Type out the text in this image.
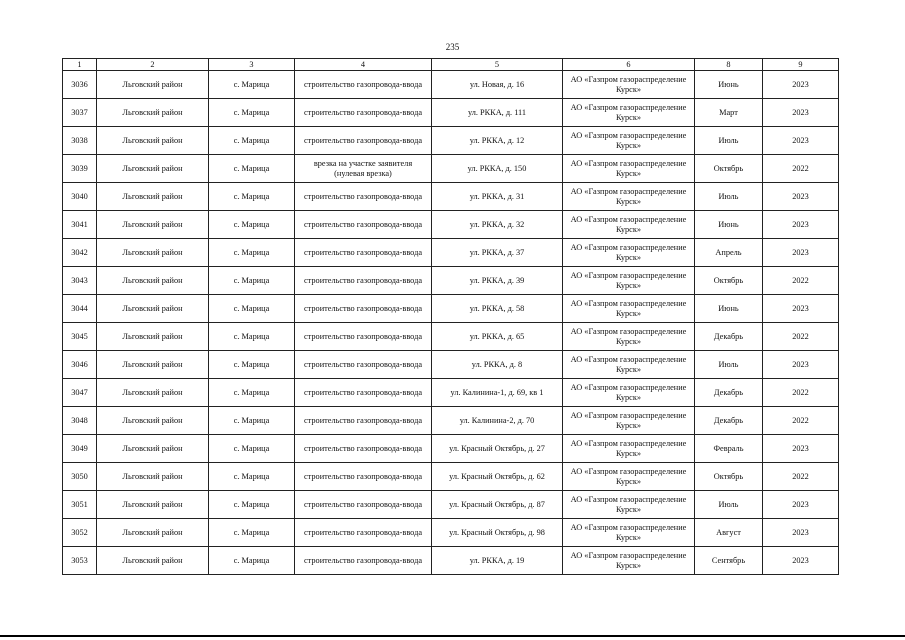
235
1	2	3	4	5	6	8	9
3036	Льговский район	с. Марица	строительство газопровода-ввода	ул. Новая, д. 16	АО «Газпром газораспределение Курск»	Июнь	2023
3037	Льговский район	с. Марица	строительство газопровода-ввода	ул. РККА, д. 111	АО «Газпром газораспределение Курск»	Март	2023
3038	Льговский район	с. Марица	строительство газопровода-ввода	ул. РККА, д. 12	АО «Газпром газораспределение Курск»	Июль	2023
3039	Льговский район	с. Марица	врезка на участке заявителя (нулевая врезка)	ул. РККА, д. 150	АО «Газпром газораспределение Курск»	Октябрь	2022
3040	Льговский район	с. Марица	строительство газопровода-ввода	ул. РККА, д. 31	АО «Газпром газораспределение Курск»	Июль	2023
3041	Льговский район	с. Марица	строительство газопровода-ввода	ул. РККА, д. 32	АО «Газпром газораспределение Курск»	Июнь	2023
3042	Льговский район	с. Марица	строительство газопровода-ввода	ул. РККА, д. 37	АО «Газпром газораспределение Курск»	Апрель	2023
3043	Льговский район	с. Марица	строительство газопровода-ввода	ул. РККА, д. 39	АО «Газпром газораспределение Курск»	Октябрь	2022
3044	Льговский район	с. Марица	строительство газопровода-ввода	ул. РККА, д. 58	АО «Газпром газораспределение Курск»	Июнь	2023
3045	Льговский район	с. Марица	строительство газопровода-ввода	ул. РККА, д. 65	АО «Газпром газораспределение Курск»	Декабрь	2022
3046	Льговский район	с. Марица	строительство газопровода-ввода	ул. РККА, д. 8	АО «Газпром газораспределение Курск»	Июль	2023
3047	Льговский район	с. Марица	строительство газопровода-ввода	ул. Калинина-1, д. 69, кв 1	АО «Газпром газораспределение Курск»	Декабрь	2022
3048	Льговский район	с. Марица	строительство газопровода-ввода	ул. Калинина-2, д. 70	АО «Газпром газораспределение Курск»	Декабрь	2022
3049	Льговский район	с. Марица	строительство газопровода-ввода	ул. Красный Октябрь, д. 27	АО «Газпром газораспределение Курск»	Февраль	2023
3050	Льговский район	с. Марица	строительство газопровода-ввода	ул. Красный Октябрь, д. 62	АО «Газпром газораспределение Курск»	Октябрь	2022
3051	Льговский район	с. Марица	строительство газопровода-ввода	ул. Красный Октябрь, д. 87	АО «Газпром газораспределение Курск»	Июль	2023
3052	Льговский район	с. Марица	строительство газопровода-ввода	ул. Красный Октябрь, д. 98	АО «Газпром газораспределение Курск»	Август	2023
3053	Льговский район	с. Марица	строительство газопровода-ввода	ул. РККА, д. 19	АО «Газпром газораспределение Курск»	Сентябрь	2023
